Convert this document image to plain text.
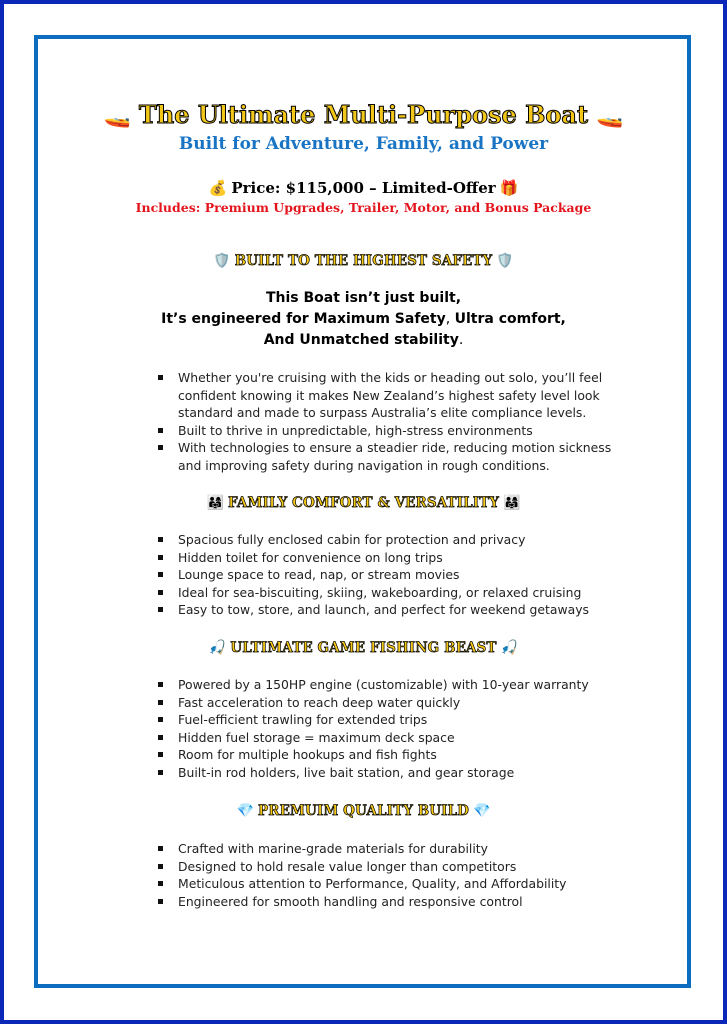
🚤 The Ultimate Multi-Purpose Boat 🚤
Built for Adventure, Family, and Power
💰 Price: $115,000 – Limited-Offer 🎁
Includes: Premium Upgrades, Trailer, Motor, and Bonus Package
🛡️ BUILT TO THE HIGHEST SAFETY 🛡️
This Boat isn’t just built,
It’s engineered for Maximum Safety, Ultra comfort,
And Unmatched stability.
Whether you're cruising with the kids or heading out solo, you’ll feel confident knowing it makes New Zealand’s highest safety level look standard and made to surpass Australia’s elite compliance levels.
Built to thrive in unpredictable, high-stress environments
With technologies to ensure a steadier ride, reducing motion sickness and improving safety during navigation in rough conditions.
👨‍👩‍👧 FAMILY COMFORT & VERSATILITY 👨‍👩‍👧
Spacious fully enclosed cabin for protection and privacy
Hidden toilet for convenience on long trips
Lounge space to read, nap, or stream movies
Ideal for sea-biscuiting, skiing, wakeboarding, or relaxed cruising
Easy to tow, store, and launch, and perfect for weekend getaways
🎣 ULTIMATE GAME FISHING BEAST 🎣
Powered by a 150HP engine (customizable) with 10-year warranty
Fast acceleration to reach deep water quickly
Fuel-efficient trawling for extended trips
Hidden fuel storage = maximum deck space
Room for multiple hookups and fish fights
Built-in rod holders, live bait station, and gear storage
💎 PREMUIM QUALITY BUILD 💎
Crafted with marine-grade materials for durability
Designed to hold resale value longer than competitors
Meticulous attention to Performance, Quality, and Affordability
Engineered for smooth handling and responsive control
